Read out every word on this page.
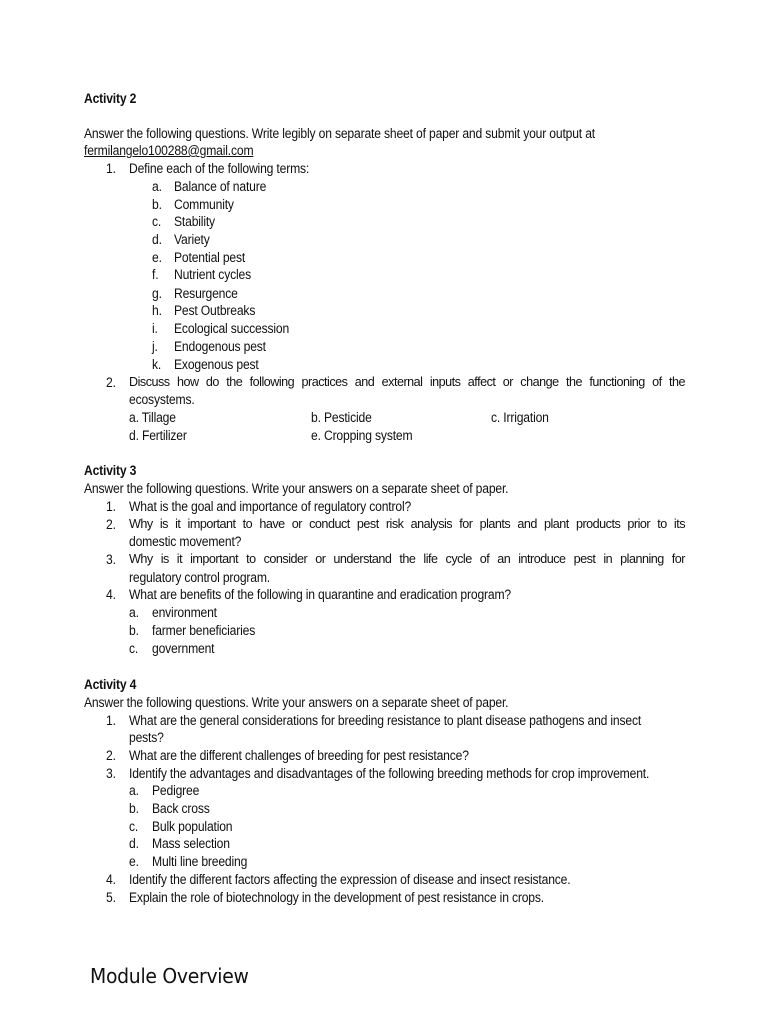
Activity 2
Answer the following questions. Write legibly on separate sheet of paper and submit your output at
fermilangelo100288@gmail.com
1. Define each of the following terms:
a. Balance of nature
b. Community
c. Stability
d. Variety
e. Potential pest
f. Nutrient cycles
g. Resurgence
h. Pest Outbreaks
i. Ecological succession
j. Endogenous pest
k. Exogenous pest
2. Discuss how do the following practices and external inputs affect or change the functioning of the
ecosystems.
a. Tillage	b. Pesticide	c. Irrigation
d. Fertilizer	e. Cropping system
Activity 3
Answer the following questions. Write your answers on a separate sheet of paper.
1. What is the goal and importance of regulatory control?
2. Why is it important to have or conduct pest risk analysis for plants and plant products prior to its
domestic movement?
3. Why is it important to consider or understand the life cycle of an introduce pest in planning for
regulatory control program.
4. What are benefits of the following in quarantine and eradication program?
a. environment
b. farmer beneficiaries
c. government
Activity 4
Answer the following questions. Write your answers on a separate sheet of paper.
1. What are the general considerations for breeding resistance to plant disease pathogens and insect
pests?
2. What are the different challenges of breeding for pest resistance?
3. Identify the advantages and disadvantages of the following breeding methods for crop improvement.
a. Pedigree
b. Back cross
c. Bulk population
d. Mass selection
e. Multi line breeding
4. Identify the different factors affecting the expression of disease and insect resistance.
5. Explain the role of biotechnology in the development of pest resistance in crops.
Module Overview
